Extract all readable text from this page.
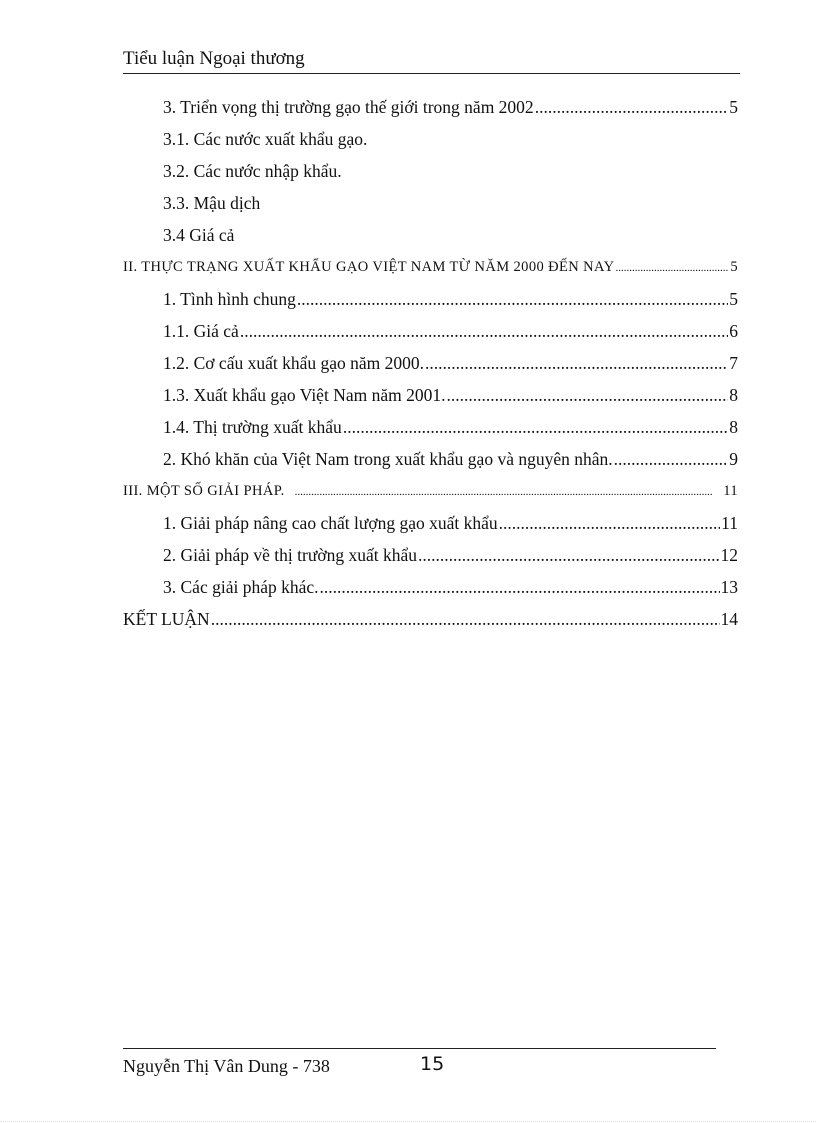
Tiểu luận Ngoại thương
3. Triển vọng thị trường gạo thế giới trong năm 2002 .....	5
3.1. Các nước xuất khẩu gạo.
3.2. Các nước nhập khẩu.
3.3. Mậu dịch
3.4 Giá cả
II. THỰC TRẠNG XUẤT KHẨU GẠO VIỆT NAM TỪ NĂM 2000 ĐẾN NAY .....	5
1. Tình hình chung .....	5
1.1. Giá cả .....	6
1.2. Cơ cấu xuất khẩu gạo năm 2000. .....	7
1.3. Xuất khẩu gạo Việt Nam năm 2001. .....	8
1.4. Thị trường xuất khẩu .....	8
2. Khó khăn của Việt Nam trong xuất khẩu gạo và nguyên nhân. .....	9
III. MỘT SỐ GIẢI PHÁP. .....	11
1. Giải pháp nâng cao chất lượng gạo xuất khẩu .....	11
2. Giải pháp về thị trường xuất khẩu .....	12
3. Các giải pháp khác. .....	13
KẾT LUẬN .....	14
Nguyễn Thị Vân Dung - 738	15
